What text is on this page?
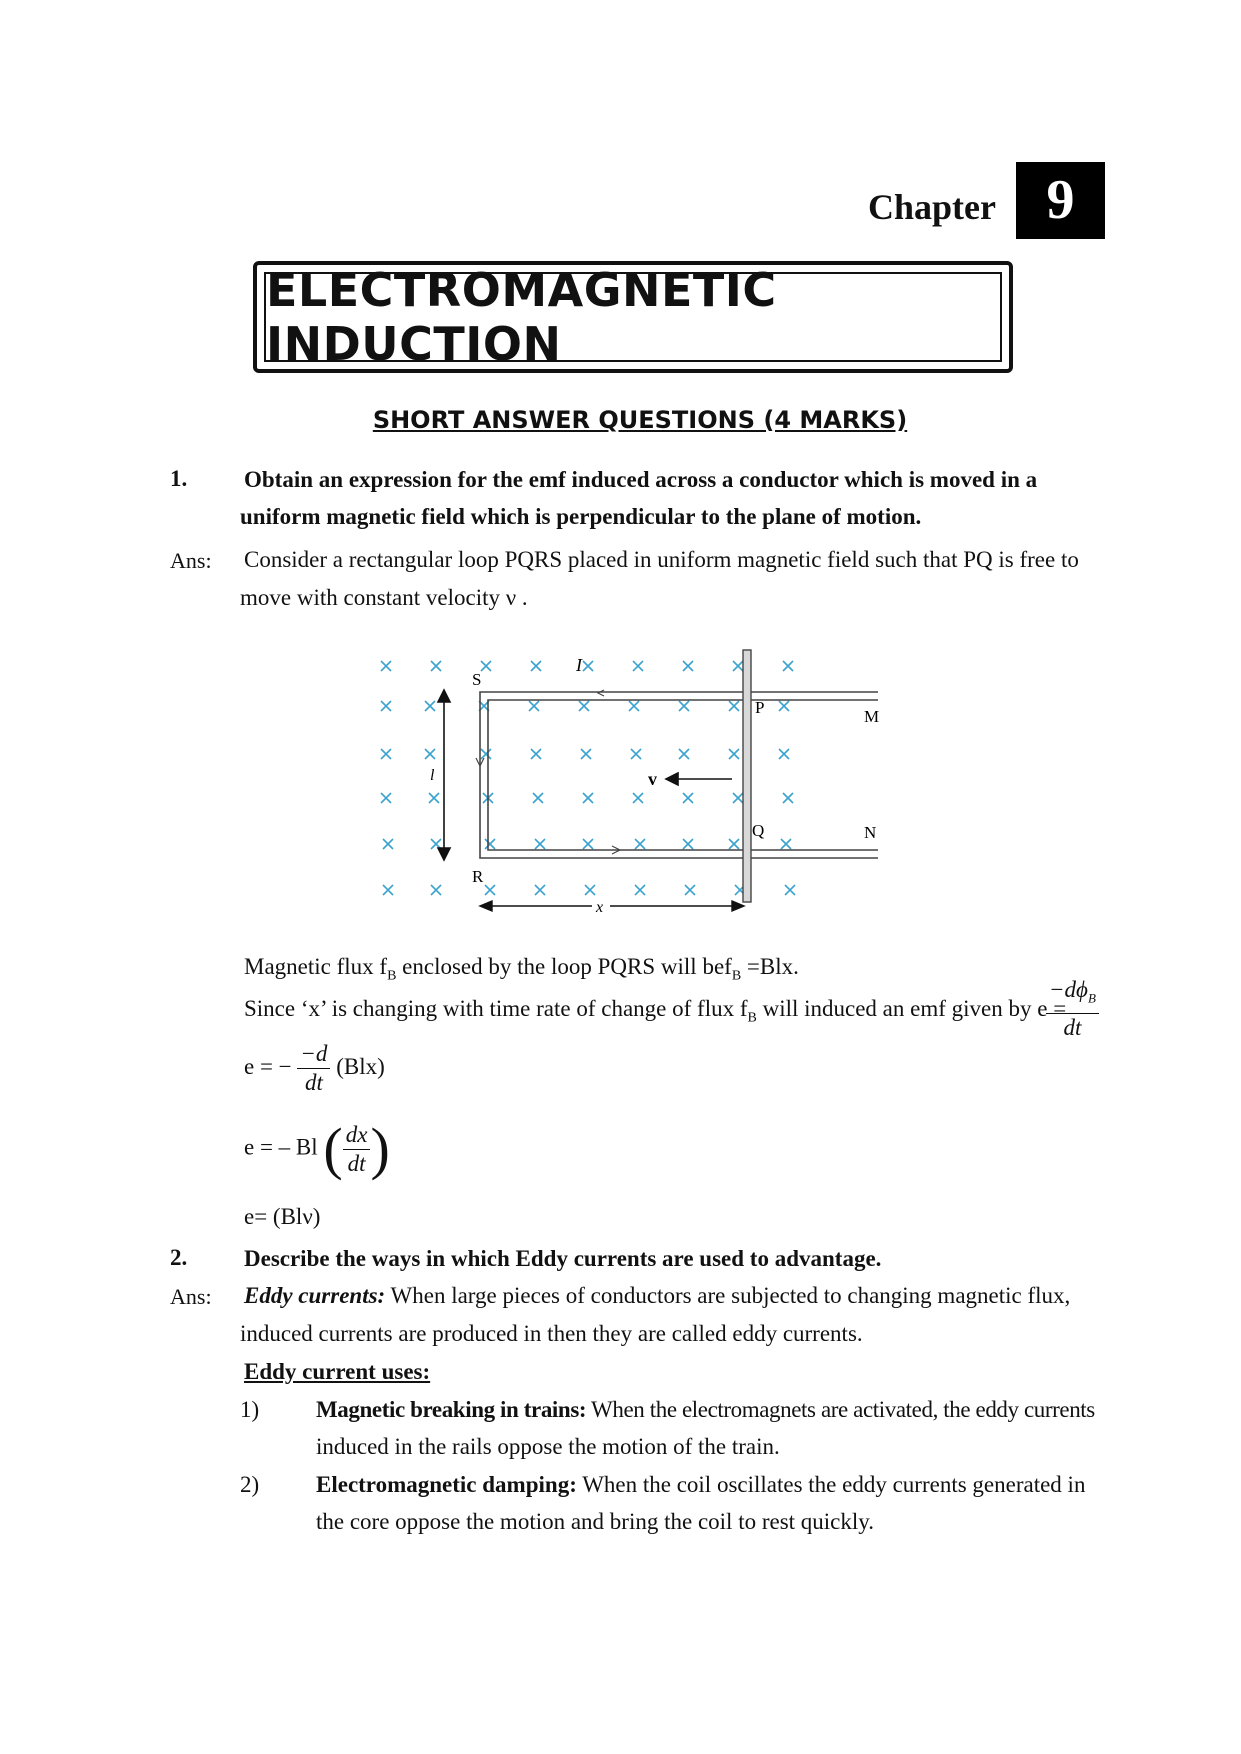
Chapter 9
ELECTROMAGNETIC INDUCTION
SHORT ANSWER QUESTIONS (4 MARKS)
1. Obtain an expression for the emf induced across a conductor which is moved in a
uniform magnetic field which is perpendicular to the plane of motion.
Ans: Consider a rectangular loop PQRS placed in uniform magnetic field such that PQ is free to
move with constant velocity ν .
S
P
Q
R
M
N
I
l	v
x
Magnetic flux $f_B$ enclosed by the loop PQRS will bef$_B$ =Blx.
Since ‘x’ is changing with time rate of change of flux $f_B$ will induced an emf given by e =
$\frac{-d\phi_B}{dt}$
e = − $\frac{-d}{dt} (Blx)$
e = – Bl ( $\frac{dx}{dt}$ )
e= (Blν)
2. Describe the ways in which Eddy currents are used to advantage.
Ans: Eddy currents: When large pieces of conductors are subjected to changing magnetic flux,
induced currents are produced in then they are called eddy currents.
Eddy current uses:
1) Magnetic breaking in trains: When the electromagnets are activated, the eddy currents
induced in the rails oppose the motion of the train.
2) Electromagnetic damping: When the coil oscillates the eddy currents generated in
the core oppose the motion and bring the coil to rest quickly.
